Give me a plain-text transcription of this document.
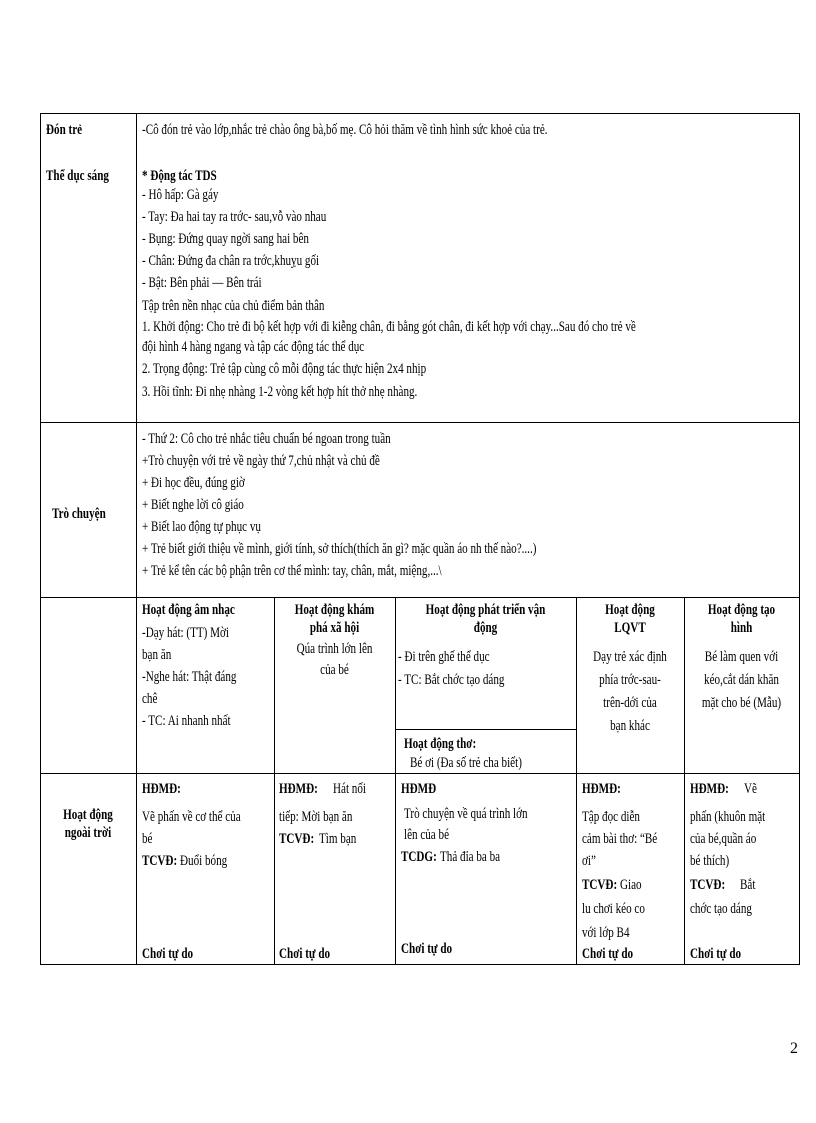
Đón trẻ
Thể dục sáng
Trò chuyện
Hoạt động
ngoài trời
-Cô đón trẻ vào lớp,nhắc trẻ chào ông bà,bố mẹ. Cô hỏi thăm về tình hình sức khoẻ của trẻ.
* Động tác TDS
- Hô hấp: Gà gáy
- Tay: Đa hai tay ra trớc- sau,vỗ vào nhau
- Bụng: Đứng quay ngời sang hai bên
- Chân: Đứng đa chân ra trớc,khuỵu gối
- Bật: Bên phải — Bên trái
Tập trên nền nhạc của chủ điểm bản thân
1. Khởi động: Cho trẻ đi bộ kết hợp với đi kiễng chân, đi bằng gót chân, đi kết hợp với chạy...Sau đó cho trẻ về
đội hình 4 hàng ngang và tập các động tác thể dục
2. Trọng động: Trẻ tập cùng cô mỗi động tác thực hiện 2x4 nhịp
3. Hồi tĩnh: Đi nhẹ nhàng 1-2 vòng kết hợp hít thở nhẹ nhàng.
- Thứ 2: Cô cho trẻ nhắc tiêu chuẩn bé ngoan trong tuần
+Trò chuyện với trẻ về ngày thứ 7,chủ nhật và chủ đề
+ Đi học đều, đúng giờ
+ Biết nghe lời cô giáo
+ Biết lao động tự phục vụ
+ Trẻ biết giới thiệu về mình, giới tính, sở thích(thích ăn gì? mặc quần áo nh thế nào?....)
+ Trẻ kể tên các bộ phận trên cơ thể mình: tay, chân, mắt, miệng,...\
Hoạt động âm nhạc
-Dạy hát: (TT) Mời
bạn ăn
-Nghe hát: Thật đáng
chê
- TC: Ai nhanh nhất
Hoạt động khám
phá xã hội
Qúa trình lớn lên
của bé
Hoạt động phát triển vận
động
- Đi trên ghế thể dục
- TC: Bắt chớc tạo dáng
Hoạt động thơ:
Bé ơi (Đa số trẻ cha biết)
Hoạt động
LQVT
Dạy trẻ xác định
phía trớc-sau-
trên-dới của
bạn khác
Hoạt động tạo
hình
Bé làm quen với
kéo,cắt dán khăn
mặt cho bé (Mẫu)
HĐMĐ:
Vẽ phấn về cơ thể của
bé
TCVĐ: Đuổi bóng
Chơi tự do
HĐMĐ: Hát nối
tiếp: Mời bạn ăn
TCVĐ: Tìm bạn
Chơi tự do
HĐMĐ
Trò chuyện về quá trình lớn
lên của bé
TCDG: Thả đỉa ba ba
Chơi tự do
HĐMĐ:
Tập đọc diễn
cảm bài thơ: “Bé
ơi”
TCVĐ: Giao
lu chơi kéo co
với lớp B4
Chơi tự do
HĐMĐ: Vẽ
phấn (khuôn mặt
của bé,quần áo
bé thích)
TCVĐ: Bắt
chớc tạo dáng
Chơi tự do
2
